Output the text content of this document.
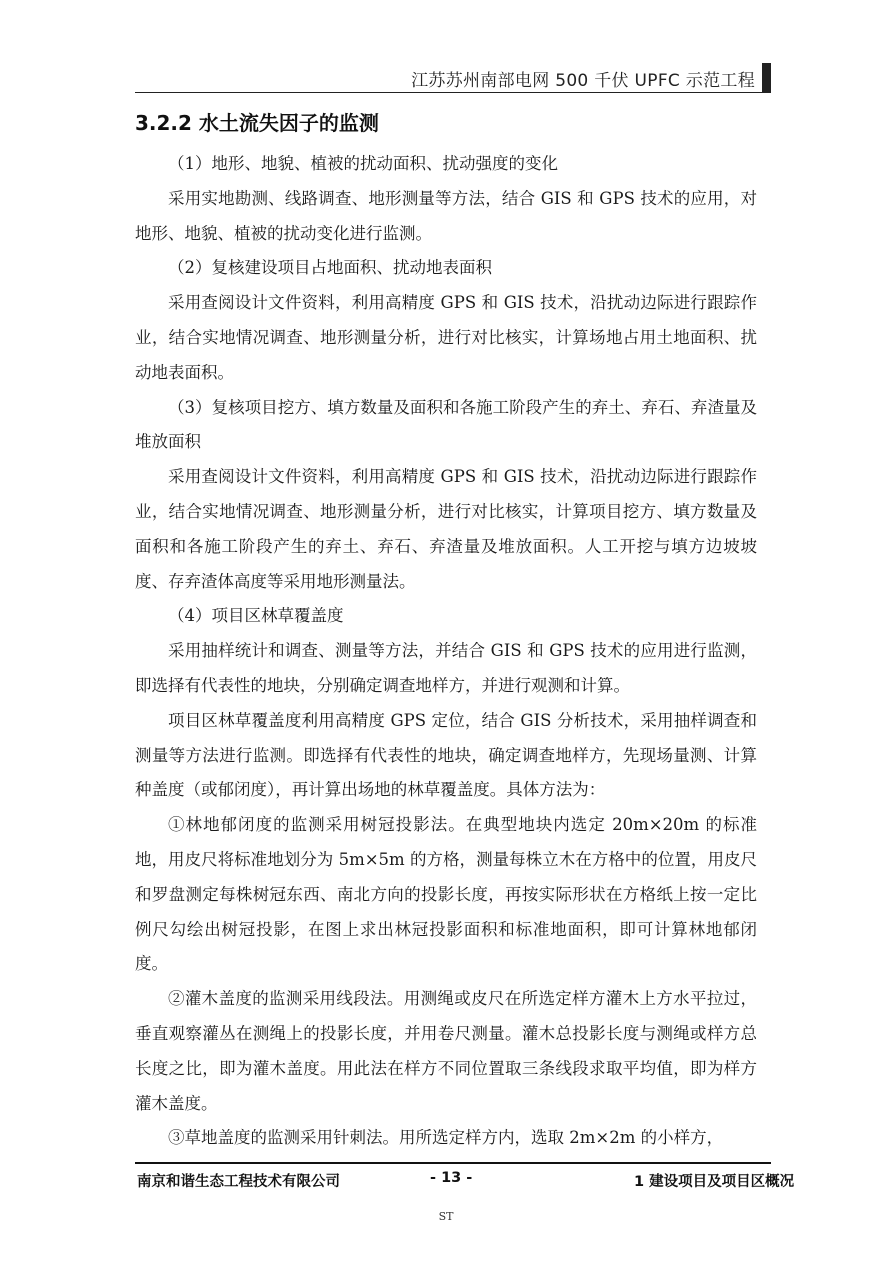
江苏苏州南部电网 500 千伏 UPFC 示范工程
3.2.2 水土流失因子的监测

（1）地形、地貌、植被的扰动面积、扰动强度的变化

采用实地勘测、线路调查、地形测量等方法，结合 GIS 和 GPS 技术的应用，对地形、地貌、植被的扰动变化进行监测。

（2）复核建设项目占地面积、扰动地表面积

采用查阅设计文件资料，利用高精度 GPS 和 GIS 技术，沿扰动边际进行跟踪作业，结合实地情况调查、地形测量分析，进行对比核实，计算场地占用土地面积、扰动地表面积。

（3）复核项目挖方、填方数量及面积和各施工阶段产生的弃土、弃石、弃渣量及堆放面积

采用查阅设计文件资料，利用高精度 GPS 和 GIS 技术，沿扰动边际进行跟踪作业，结合实地情况调查、地形测量分析，进行对比核实，计算项目挖方、填方数量及面积和各施工阶段产生的弃土、弃石、弃渣量及堆放面积。人工开挖与填方边坡坡度、存弃渣体高度等采用地形测量法。

（4）项目区林草覆盖度

采用抽样统计和调查、测量等方法，并结合 GIS 和 GPS 技术的应用进行监测，即选择有代表性的地块，分别确定调查地样方，并进行观测和计算。

项目区林草覆盖度利用高精度 GPS 定位，结合 GIS 分析技术，采用抽样调查和测量等方法进行监测。即选择有代表性的地块，确定调查地样方，先现场量测、计算种盖度（或郁闭度），再计算出场地的林草覆盖度。具体方法为：

①林地郁闭度的监测采用树冠投影法。在典型地块内选定 20m×20m 的标准地，用皮尺将标准地划分为 5m×5m 的方格，测量每株立木在方格中的位置，用皮尺和罗盘测定每株树冠东西、南北方向的投影长度，再按实际形状在方格纸上按一定比例尺勾绘出树冠投影，在图上求出林冠投影面积和标准地面积，即可计算林地郁闭度。

②灌木盖度的监测采用线段法。用测绳或皮尺在所选定样方灌木上方水平拉过，垂直观察灌丛在测绳上的投影长度，并用卷尺测量。灌木总投影长度与测绳或样方总长度之比，即为灌木盖度。用此法在样方不同位置取三条线段求取平均值，即为样方灌木盖度。

③草地盖度的监测采用针刺法。用所选定样方内，选取 2m×2m 的小样方，

南京和谐生态工程技术有限公司	- 13 -	1 建设项目及项目区概况
ST
